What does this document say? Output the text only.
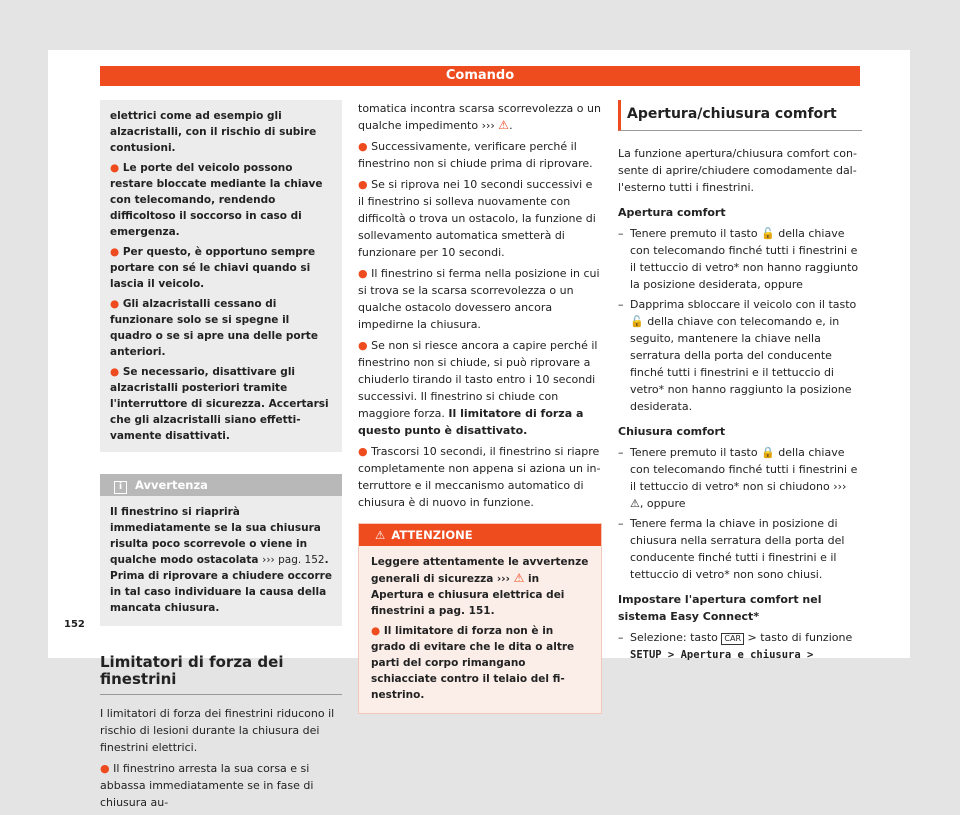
Comando

elettrici come ad esempio gli alzacristalli, con il rischio di subire contusioni.

● Le porte del veicolo possono restare bloccate mediante la chiave con telecomando, rendendo difficoltoso il soccorso in caso di emergenza.

● Per questo, è opportuno sempre portare con sé le chiavi quando si lascia il veicolo.

● Gli alzacristalli cessano di funzionare solo se si spegne il quadro o se si apre una delle porte anteriori.

● Se necessario, disattivare gli alzacristalli posteriori tramite l'interruttore di sicurezza. Accertarsi che gli alzacristalli siano effettivamente disattivati.

i Avvertenza
Il finestrino si riaprirà immediatamente se la sua chiusura risulta poco scorrevole o viene in qualche modo ostacolata ››› pag. 152. Prima di riprovare a chiudere occorre in tal caso individuare la causa della mancata chiusura.
Limitatori di forza dei finestrini

I limitatori di forza dei finestrini riducono il rischio di lesioni durante la chiusura dei finestrini elettrici.

● Il finestrino arresta la sua corsa e si abbassa immediatamente se in fase di chiusura au-

tomatica incontra scarsa scorrevolezza o un qualche impedimento ››› ⚠.

● Successivamente, verificare perché il finestrino non si chiude prima di riprovare.

● Se si riprova nei 10 secondi successivi e il finestrino si solleva nuovamente con difficoltà o trova un ostacolo, la funzione di sollevamento automatica smetterà di funzionare per 10 secondi.

● Il finestrino si ferma nella posizione in cui si trova se la scarsa scorrevolezza o un qualche ostacolo dovessero ancora impedirne la chiusura.

● Se non si riesce ancora a capire perché il finestrino non si chiude, si può riprovare a chiuderlo tirando il tasto entro i 10 secondi successivi. Il finestrino si chiude con maggiore forza. Il limitatore di forza a questo punto è disattivato.

● Trascorsi 10 secondi, il finestrino si riapre completamente non appena si aziona un interruttore e il meccanismo automatico di chiusura è di nuovo in funzione.

⚠ ATTENZIONE

Leggere attentamente le avvertenze generali di sicurezza ››› ⚠ in Apertura e chiusura elettrica dei finestrini a pag. 151.

● Il limitatore di forza non è in grado di evitare che le dita o altre parti del corpo rimangano schiacciate contro il telaio del finestrino.

Apertura/chiusura comfort

La funzione apertura/chiusura comfort consente di aprire/chiudere comodamente dall'esterno tutti i finestrini.

Apertura comfort
– Tenere premuto il tasto 🔓 della chiave con telecomando finché tutti i finestrini e il tettuccio di vetro* non hanno raggiunto la posizione desiderata, oppure
– Dapprima sbloccare il veicolo con il tasto 🔓 della chiave con telecomando e, in seguito, mantenere la chiave nella serratura della porta del conducente finché tutti i finestrini e il tettuccio di vetro* non hanno raggiunto la posizione desiderata.
Chiusura comfort
– Tenere premuto il tasto 🔒 della chiave con telecomando finché tutti i finestrini e il tettuccio di vetro* non si chiudono ››› ⚠, oppure
– Tenere ferma la chiave in posizione di chiusura nella serratura della porta del conducente finché tutti i finestrini e il tettuccio di vetro* non sono chiusi.
Impostare l'apertura comfort nel sistema Easy Connect*
– Selezione: tasto CAR > tasto di funzione
SETUP > Apertura e chiusura >
152
